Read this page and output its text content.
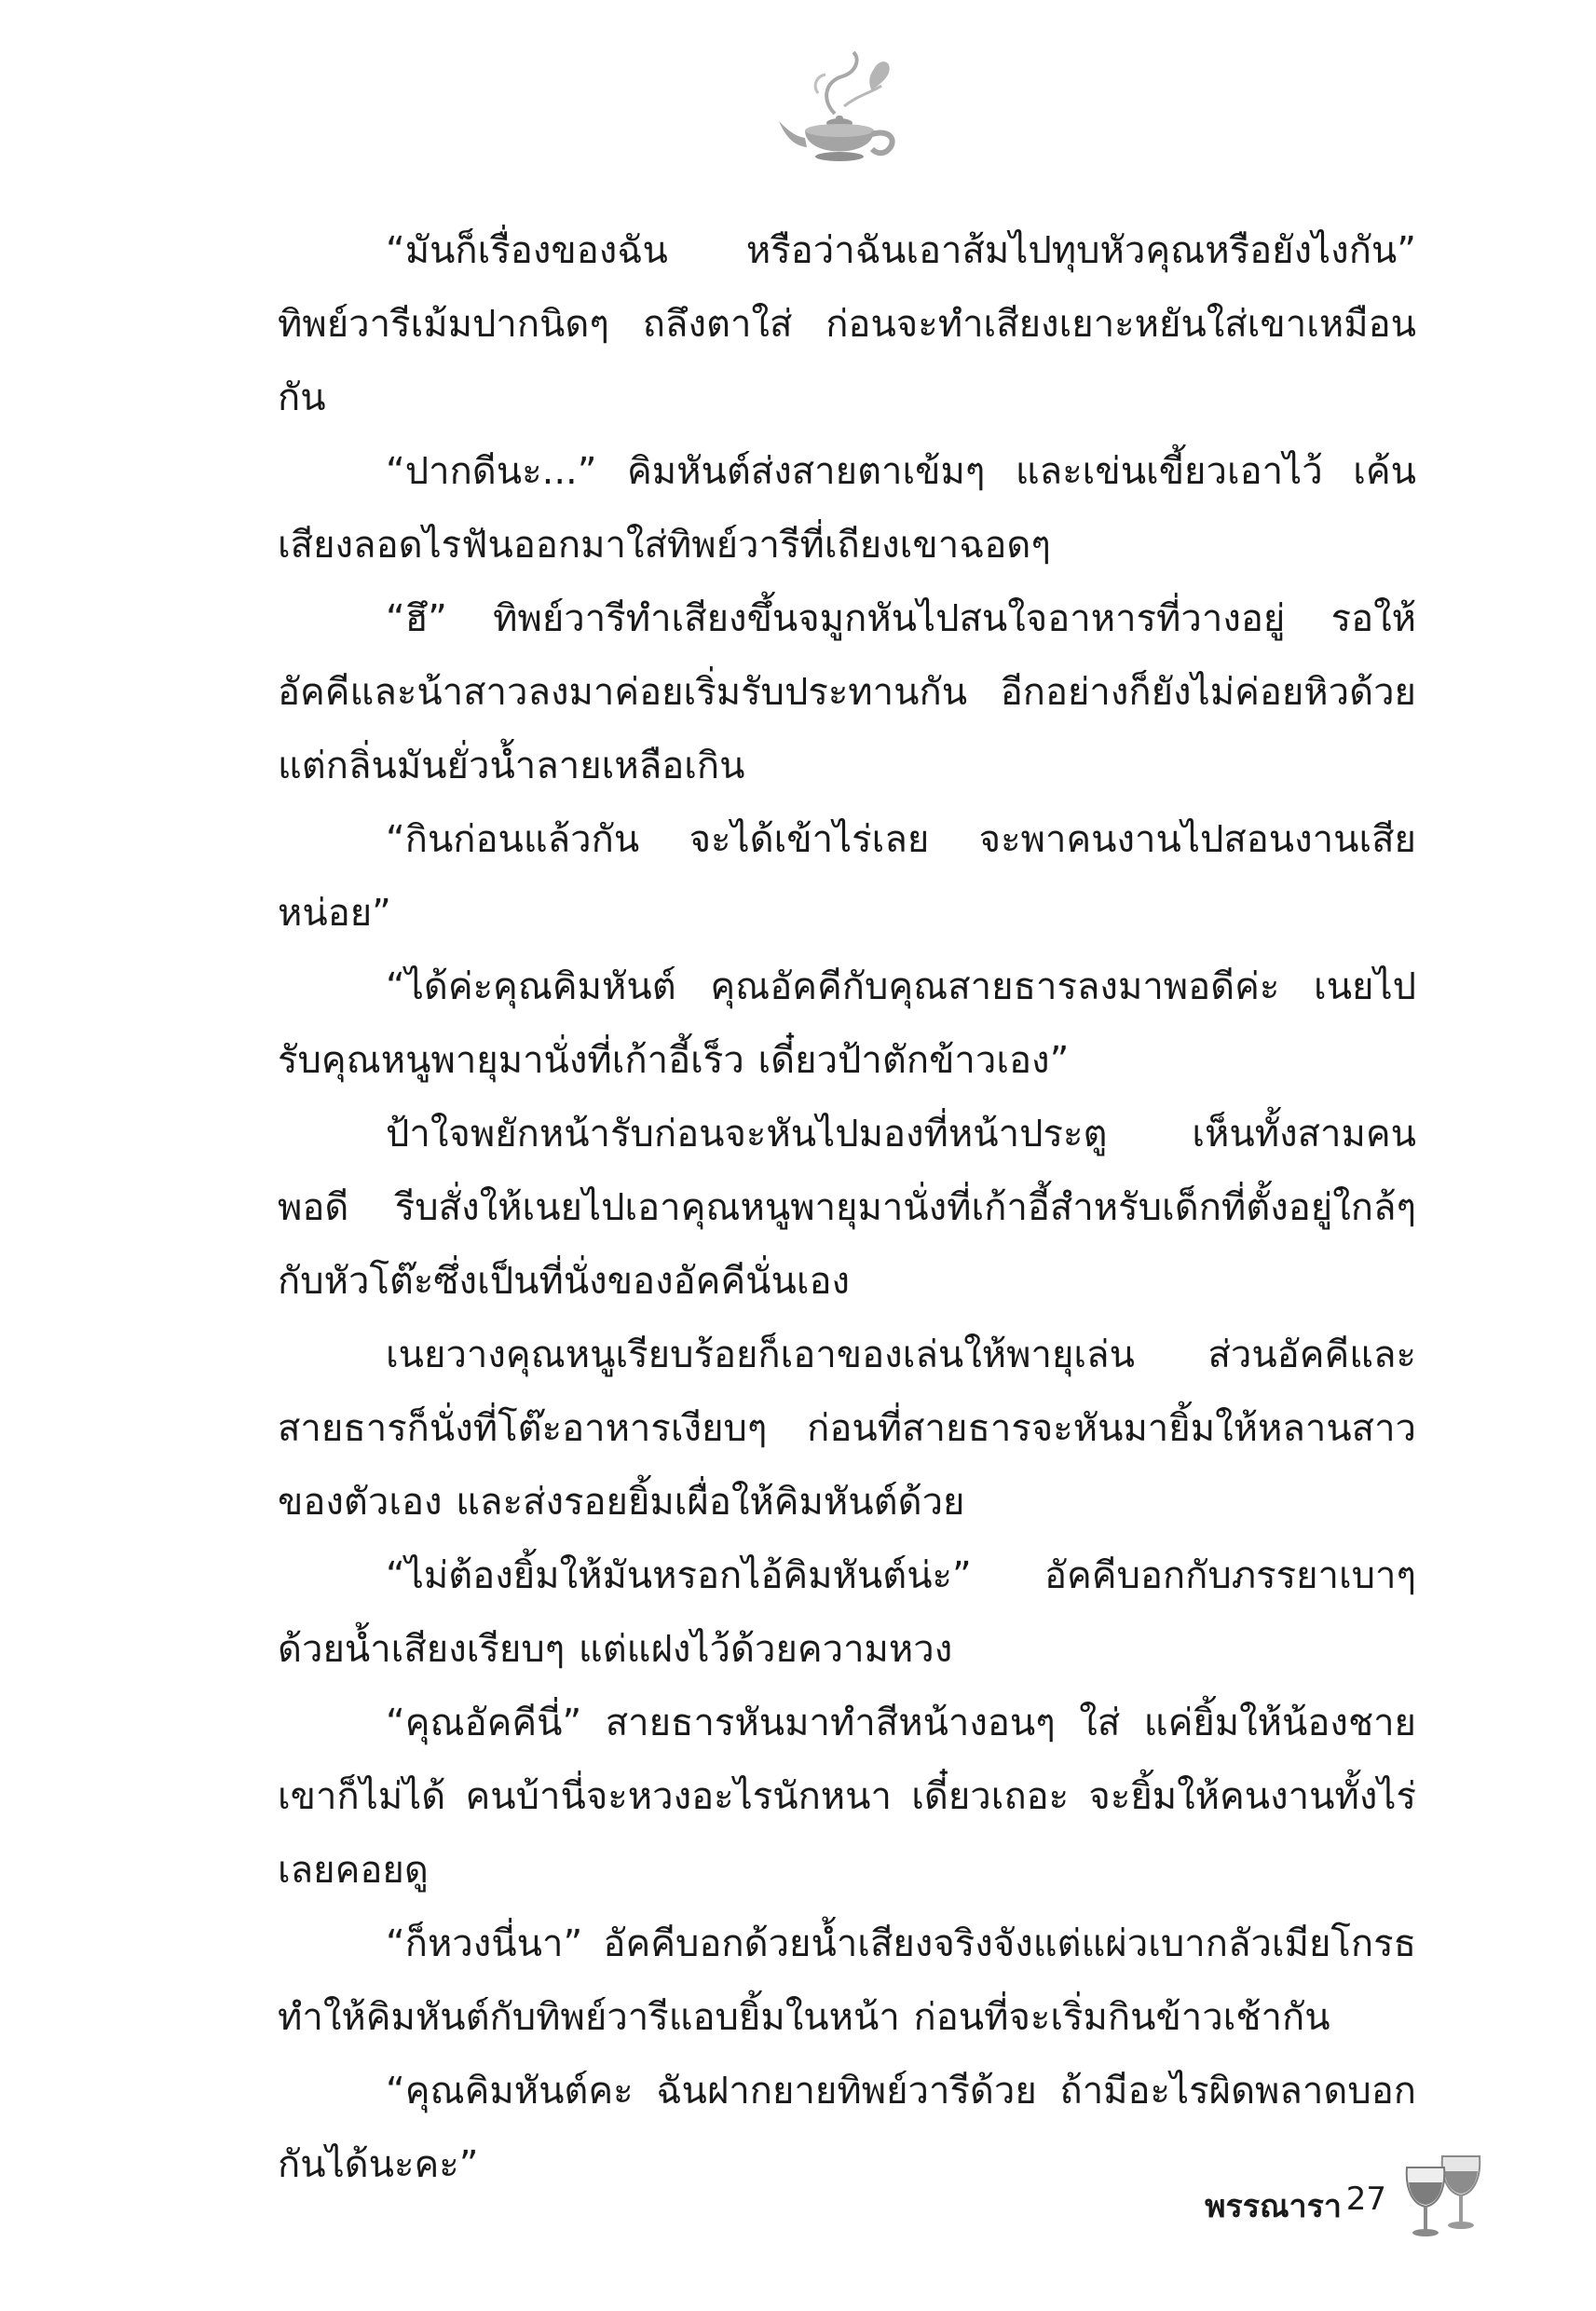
“มันก็เรื่องของฉัน หรือว่าฉันเอาส้มไปทุบหัวคุณหรือยังไงกัน” ทิพย์วารีเม้มปากนิดๆ ถลึงตาใส่ ก่อนจะทำเสียงเยาะหยันใส่เขาเหมือนกัน

“ปากดีนะ...” คิมหันต์ส่งสายตาเข้มๆ และเข่นเขี้ยวเอาไว้ เค้นเสียงลอดไรฟันออกมาใส่ทิพย์วารีที่เถียงเขาฉอดๆ

“ฮึ” ทิพย์วารีทำเสียงขึ้นจมูกหันไปสนใจอาหารที่วางอยู่ รอให้อัคคีและน้าสาวลงมาค่อยเริ่มรับประทานกัน อีกอย่างก็ยังไม่ค่อยหิวด้วย แต่กลิ่นมันยั่วน้ำลายเหลือเกิน

“กินก่อนแล้วกัน จะได้เข้าไร่เลย จะพาคนงานไปสอนงานเสียหน่อย”

“ได้ค่ะคุณคิมหันต์ คุณอัคคีกับคุณสายธารลงมาพอดีค่ะ เนยไปรับคุณหนูพายุมานั่งที่เก้าอี้เร็ว เดี๋ยวป้าตักข้าวเอง”

ป้าใจพยักหน้ารับก่อนจะหันไปมองที่หน้าประตู เห็นทั้งสามคนพอดี รีบสั่งให้เนยไปเอาคุณหนูพายุมานั่งที่เก้าอี้สำหรับเด็กที่ตั้งอยู่ใกล้ๆ กับหัวโต๊ะซึ่งเป็นที่นั่งของอัคคีนั่นเอง

เนยวางคุณหนูเรียบร้อยก็เอาของเล่นให้พายุเล่น ส่วนอัคคีและสายธารก็นั่งที่โต๊ะอาหารเงียบๆ ก่อนที่สายธารจะหันมายิ้มให้หลานสาวของตัวเอง และส่งรอยยิ้มเผื่อให้คิมหันต์ด้วย

“ไม่ต้องยิ้มให้มันหรอกไอ้คิมหันต์น่ะ” อัคคีบอกกับภรรยาเบาๆ ด้วยน้ำเสียงเรียบๆ แต่แฝงไว้ด้วยความหวง

“คุณอัคคีนี่” สายธารหันมาทำสีหน้างอนๆ ใส่ แค่ยิ้มให้น้องชายเขาก็ไม่ได้ คนบ้านี่จะหวงอะไรนักหนา เดี๋ยวเถอะ จะยิ้มให้คนงานทั้งไร่เลยคอยดู

“ก็หวงนี่นา” อัคคีบอกด้วยน้ำเสียงจริงจังแต่แผ่วเบากลัวเมียโกรธ ทำให้คิมหันต์กับทิพย์วารีแอบยิ้มในหน้า ก่อนที่จะเริ่มกินข้าวเช้ากัน

“คุณคิมหันต์คะ ฉันฝากยายทิพย์วารีด้วย ถ้ามีอะไรผิดพลาดบอกกันได้นะคะ”

พรรณารา 27
